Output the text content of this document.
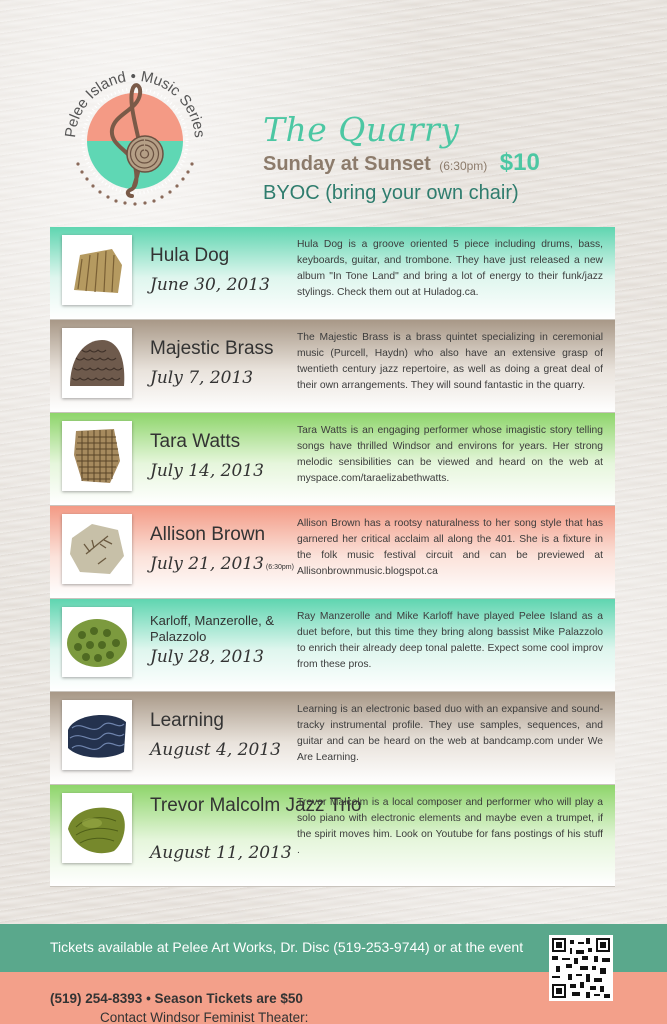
Pelee Island • Music Series The Quarry
Sunday at Sunset (6:30pm) $10
BYOC (bring your own chair)
Hula Dog
June 30, 2013
Hula Dog is a groove oriented 5 piece including drums, bass, keyboards, guitar, and trombone. They have just released a new album "In Tone Land" and bring a lot of energy to their funk/jazz stylings. Check them out at Huladog.ca.
Majestic Brass
July 7, 2013
The Majestic Brass is a brass quintet specializing in ceremonial music (Purcell, Haydn) who also have an extensive grasp of twentieth century jazz repertoire, as well as doing a great deal of their own arrangements. They will sound fantastic in the quarry.
Tara Watts
July 14, 2013
Tara Watts is an engaging performer whose imagistic story telling songs have thrilled Windsor and environs for years. Her strong melodic sensibilities can be viewed and heard on the web at myspace.com/taraelizabethwatts.
Allison Brown
July 21, 2013 (6:30pm)
Allison Brown has a rootsy naturalness to her song style that has garnered her critical acclaim all along the 401. She is a fixture in the folk music festival circuit and can be previewed at Allisonbrownmusic.blogspot.ca
Karloff, Manzerolle, & Palazzolo
July 28, 2013
Ray Manzerolle and Mike Karloff have played Pelee Island as a duet before, but this time they bring along bassist Mike Palazzolo to enrich their already deep tonal palette. Expect some cool improv from these pros.
Learning
August 4, 2013
Learning is an electronic based duo with an expansive and sound-tracky instrumental profile. They use samples, sequences, and guitar and can be heard on the web at bandcamp.com under We Are Learning.
Trevor Malcolm Jazz Trio
August 11, 2013
Trevor Malcolm is a local composer and performer who will play a solo piano with electronic elements and maybe even a trumpet, if the spirit moves him. Look on Youtube for fans postings of his stuff .
Tickets available at Pelee Art Works, Dr. Disc (519-253-9744) or at the event
Contact Windsor Feminist Theater:
(519) 254-8393 • Season Tickets are $50
